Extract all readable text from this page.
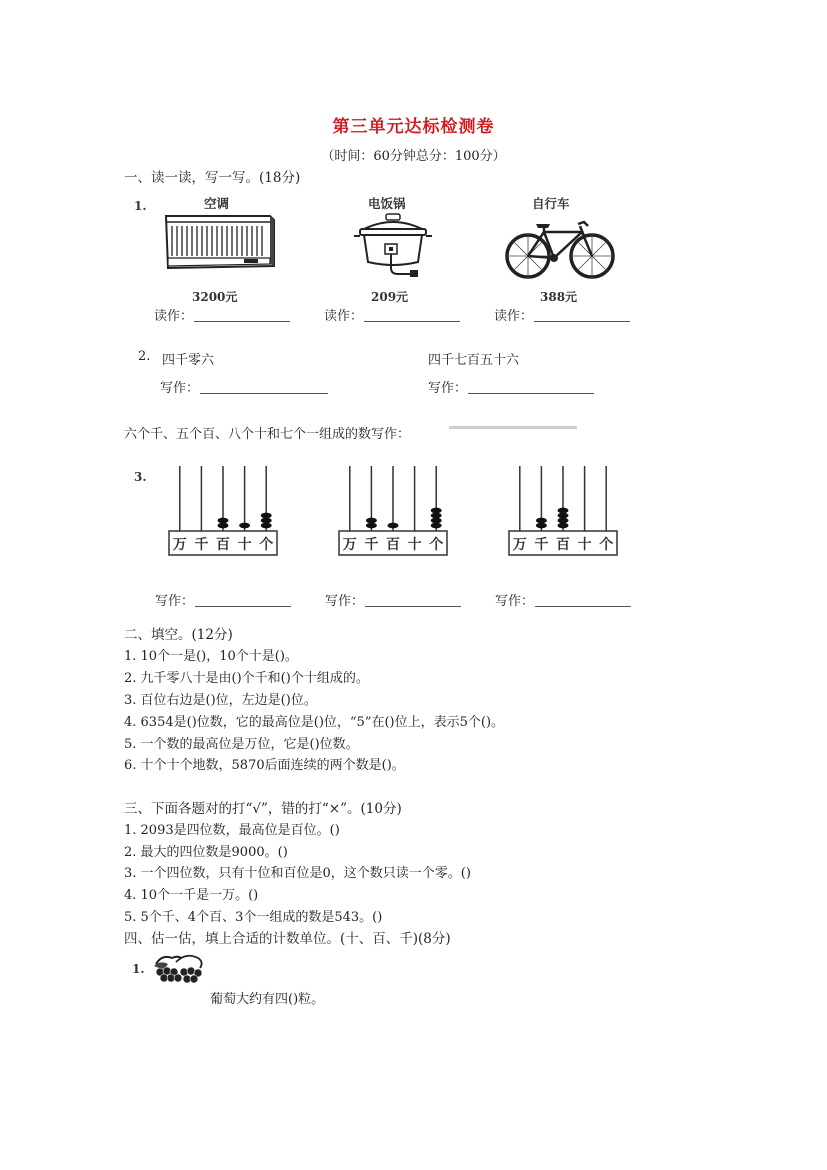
第三单元达标检测卷
（时间：60分钟总分：100分）
一、读一读，写一写。(18分)
1.	空调	电饭锅	自行车
3200元	209元	388元
读作：	读作：	读作：
2. 四千零六	四千七百五十六
写作：	写作：
六个千、五个百、八个十和七个一组成的数写作：
3.
万 千 百 十 个	万 千 百 十 个	万 千 百 十 个
写作：	写作：	写作：
二、填空。(12分)
1. 10个一是()，10个十是()。
2. 九千零八十是由()个千和()个十组成的。
3. 百位右边是()位，左边是()位。
4. 6354是()位数，它的最高位是()位，“5”在()位上，表示5个()。
5. 一个数的最高位是万位，它是()位数。
6. 十个十个地数，5870后面连续的两个数是()。
三、下面各题对的打“√”，错的打“×”。(10分)
1. 2093是四位数，最高位是百位。()
2. 最大的四位数是9000。()
3. 一个四位数，只有十位和百位是0，这个数只读一个零。()
4. 10个一千是一万。()
5. 5个千、4个百、3个一组成的数是543。()
四、估一估，填上合适的计数单位。(十、百、千)(8分)
1.
葡萄大约有四()粒。
